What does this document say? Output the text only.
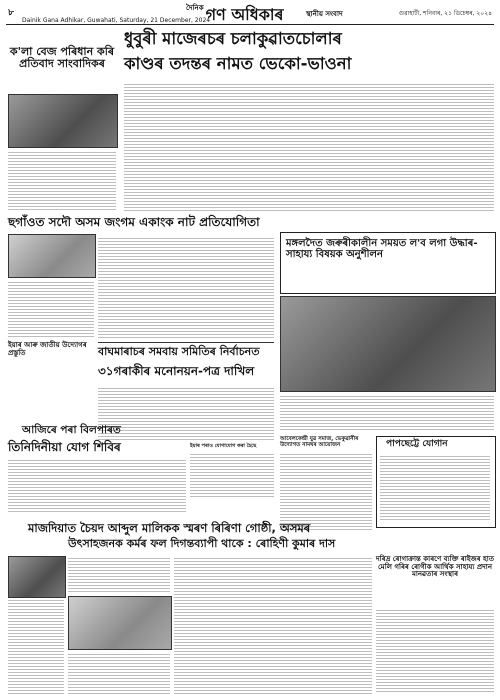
৮
Dainik Gana Adhikar, Guwahati, Saturday, 21 December, 2024
$^{দৈনিক}$ গণ অধিকাৰ	স্থানীয় সংবাদ	গুৱাহাটী, শনিবাৰ, ২১ ডিচেম্বৰ, ২০২৪
ক'লা বেজ পৰিধান কৰি প্ৰতিবাদ সাংবাদিকৰ
ধুবুৰী মাজেৰচৰ চলাকুৱাতচোলাৰ
কাণ্ডৰ তদন্তৰ নামত ভেকো-ভাওনা
মঙ্গলদৈত জৰুৰীকালীন সময়ত ল'ব লগা উদ্ধাৰ-সাহায্য বিষয়ক অনুশীলন
ছগাঁওত সদৌ অসম জংগম একাংক নাট প্ৰতিযোগিতা
ইয়াৰ আৰু জাতীয় উদ্যোগৰ প্ৰস্তুতি	বাঘমাৰাচৰ সমবায় সমিতিৰ নিৰ্বাচনত
৩১গৰাকীৰ মনোনয়ন-পত্ৰ দাখিল
ইয়াৰ পৰাও যোগাযোগ কৰা হৈছে
আবেলকেন্দ্ৰী যুৱ সমাজ, ভেকুৱানীৰ উদ্যোগত নামঘৰ আয়োজন	পাপছেট্টে যোগান
আজিৰে পৰা বিলপাৰত
তিনিদিনীয়া যোগ শিবিৰ
মাজদিয়াত চৈয়দ আব্দুল মালিকক স্মৰণ ৰিৰিণা গোষ্ঠী, অসমৰ
উৎসাহজনক কৰ্মৰ ফল দিগন্তব্যাপী থাকে : ৰোহিণী কুমাৰ দাস
দৰিদ্ৰ ৰোগাক্ৰান্ত কাৰণে ব্যক্তি ৰাইজৰ হাত মেলি গৰিৰ ৰোগীক আৰ্থিক সাহায্য প্ৰদান মানৱতাৰ সংস্থাৰ
